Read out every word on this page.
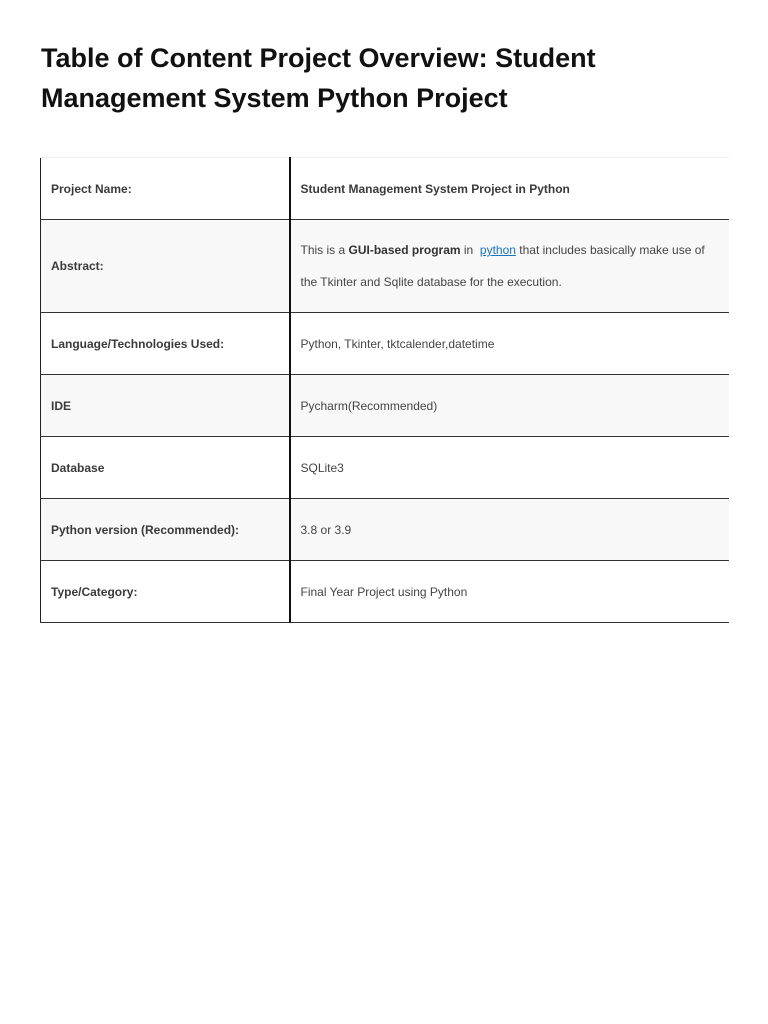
Table of Content Project Overview: Student Management System Python Project
Project Name:	Student Management System Project in Python
Abstract:	This is a GUI-based program in  python that includes basically make use of the Tkinter and Sqlite database for the execution.

Language/Technologies Used:	Python, Tkinter, tktcalender,datetime
IDE	Pycharm(Recommended)
Database	SQLite3
Python version (Recommended):	3.8 or 3.9
Type/Category:	Final Year Project using Python
